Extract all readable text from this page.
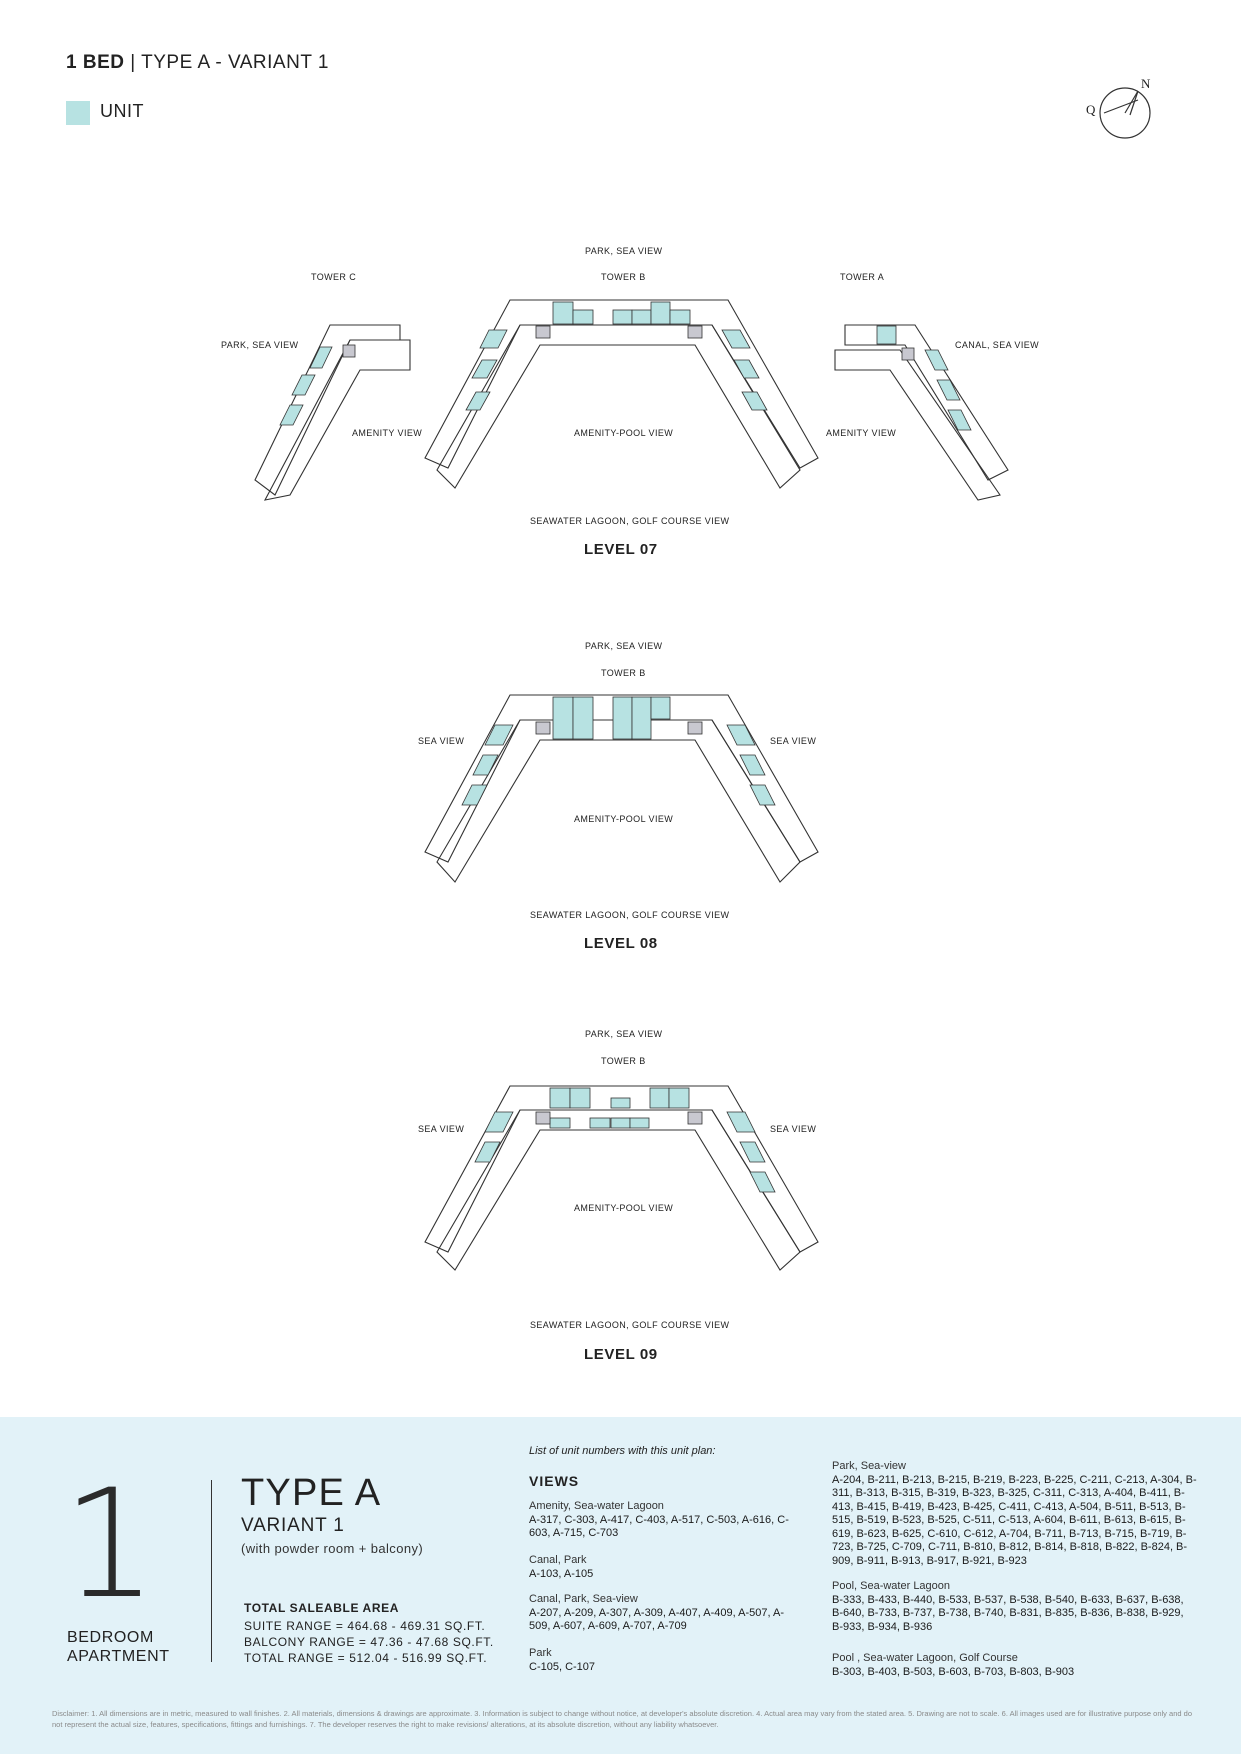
1 BED | TYPE A - VARIANT 1
UNIT
N
Q
PARK, SEA VIEW
TOWER C	TOWER B	TOWER A
PARK, SEA VIEW	CANAL, SEA VIEW
AMENITY VIEW	AMENITY VIEW
AMENITY-POOL VIEW
SEAWATER LAGOON, GOLF COURSE VIEW
LEVEL 07
PARK, SEA VIEW
TOWER B
SEA VIEW	SEA VIEW
AMENITY-POOL VIEW
SEAWATER LAGOON, GOLF COURSE VIEW
LEVEL 08
PARK, SEA VIEW
TOWER B
SEA VIEW	SEA VIEW
AMENITY-POOL VIEW
SEAWATER LAGOON, GOLF COURSE VIEW
LEVEL 09
1
BEDROOM
APARTMENT
TYPE A
VARIANT 1
(with powder room + balcony)
TOTAL SALEABLE AREA
SUITE RANGE = 464.68 - 469.31 SQ.FT.
BALCONY RANGE = 47.36 - 47.68 SQ.FT.
TOTAL RANGE = 512.04 - 516.99 SQ.FT.
List of unit numbers with this unit plan:
VIEWS
Amenity, Sea-water Lagoon
A-317, C-303, A-417, C-403, A-517, C-503, A-616, C-603, A-715, C-703
Canal, Park
A-103, A-105
Canal, Park, Sea-view
A-207, A-209, A-307, A-309, A-407, A-409, A-507, A-509, A-607, A-609, A-707, A-709
Park
C-105, C-107
Park, Sea-view
A-204, B-211, B-213, B-215, B-219, B-223, B-225, C-211, C-213, A-304, B-311, B-313, B-315, B-319, B-323, B-325, C-311, C-313, A-404, B-411, B-413, B-415, B-419, B-423, B-425, C-411, C-413, A-504, B-511, B-513, B-515, B-519, B-523, B-525, C-511, C-513, A-604, B-611, B-613, B-615, B-619, B-623, B-625, C-610, C-612, A-704, B-711, B-713, B-715, B-719, B-723, B-725, C-709, C-711, B-810, B-812, B-814, B-818, B-822, B-824, B-909, B-911, B-913, B-917, B-921, B-923
Pool, Sea-water Lagoon
B-333, B-433, B-440, B-533, B-537, B-538, B-540, B-633, B-637, B-638, B-640, B-733, B-737, B-738, B-740, B-831, B-835, B-836, B-838, B-929, B-933, B-934, B-936
Pool , Sea-water Lagoon, Golf Course
B-303, B-403, B-503, B-603, B-703, B-803, B-903
Disclaimer: 1. All dimensions are in metric, measured to wall finishes. 2. All materials, dimensions & drawings are approximate. 3. Information is subject to change without notice, at developer's absolute discretion. 4. Actual area may vary from the stated area. 5. Drawing are not to scale. 6. All images used are for illustrative purpose only and do not represent the actual size, features, specifications, fittings and furnishings. 7. The developer reserves the right to make revisions/ alterations, at its absolute discretion, without any liability whatsoever.
